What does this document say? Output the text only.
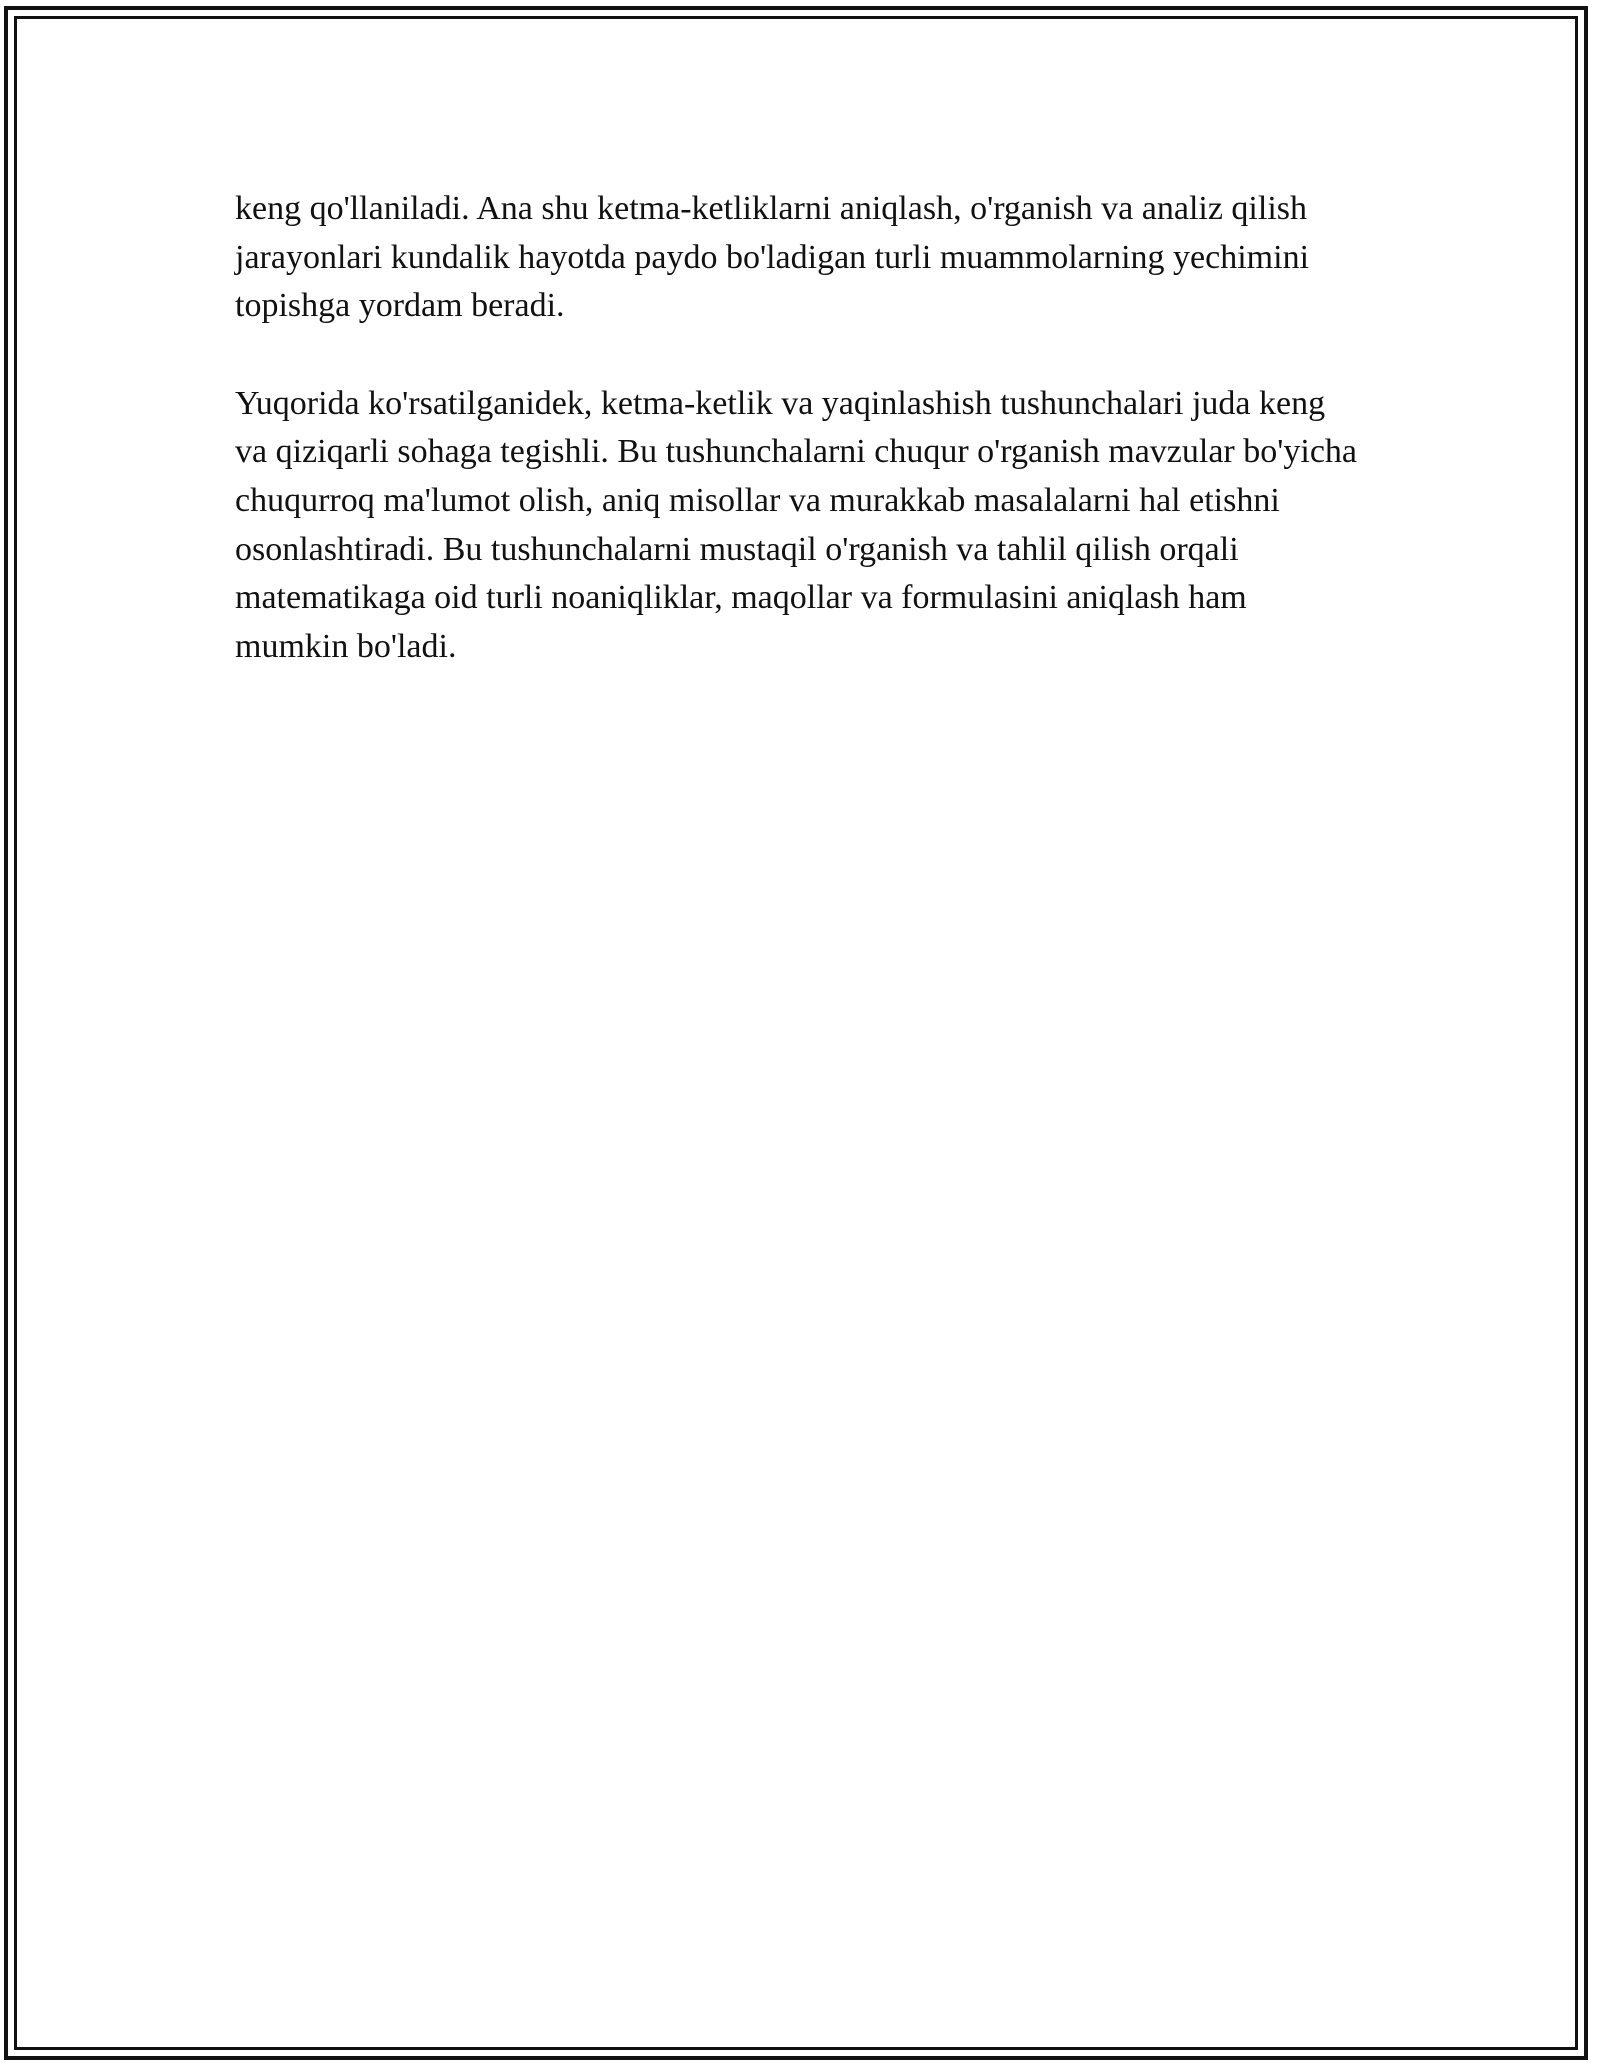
keng qo'llaniladi. Ana shu ketma-ketliklarni aniqlash, o'rganish va analiz qilish jarayonlari kundalik hayotda paydo bo'ladigan turli muammolarning yechimini topishga yordam beradi.

Yuqorida ko'rsatilganidek, ketma-ketlik va yaqinlashish tushunchalari juda keng va qiziqarli sohaga tegishli. Bu tushunchalarni chuqur o'rganish mavzular bo'yicha chuqurroq ma'lumot olish, aniq misollar va murakkab masalalarni hal etishni osonlashtiradi. Bu tushunchalarni mustaqil o'rganish va tahlil qilish orqali matematikaga oid turli noaniqliklar, maqollar va formulasini aniqlash ham mumkin bo'ladi.
